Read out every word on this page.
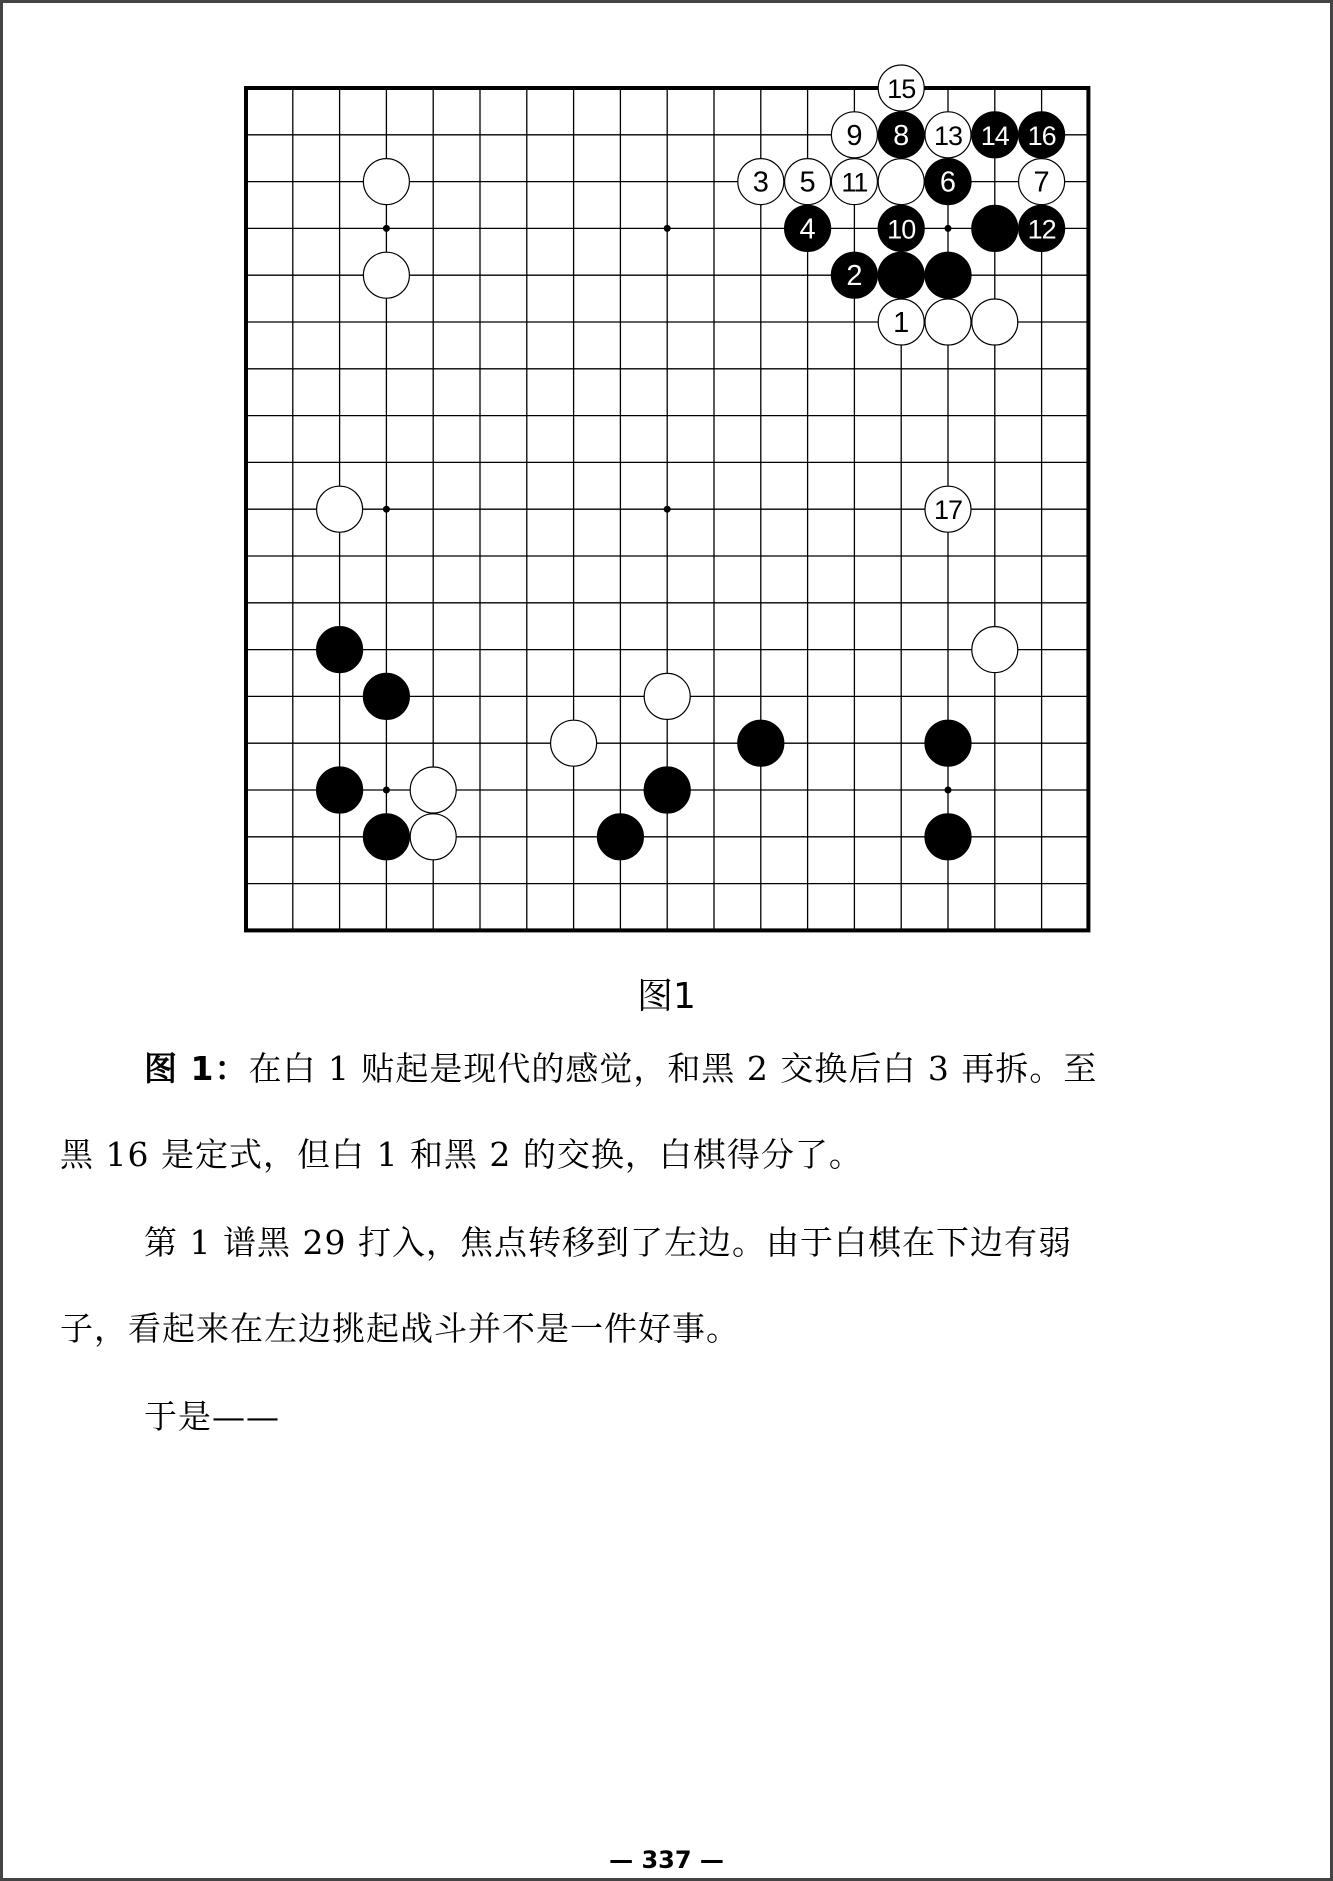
15
9 8 13 14 16
3 5 11	6	7
4	10	12
2
1
17
图1
图 1：在白 1 贴起是现代的感觉，和黑 2 交换后白 3 再拆。至
黑 16 是定式，但白 1 和黑 2 的交换，白棋得分了。
第 1 谱黑 29 打入，焦点转移到了左边。由于白棋在下边有弱
子，看起来在左边挑起战斗并不是一件好事。
于是——
— 337 —
